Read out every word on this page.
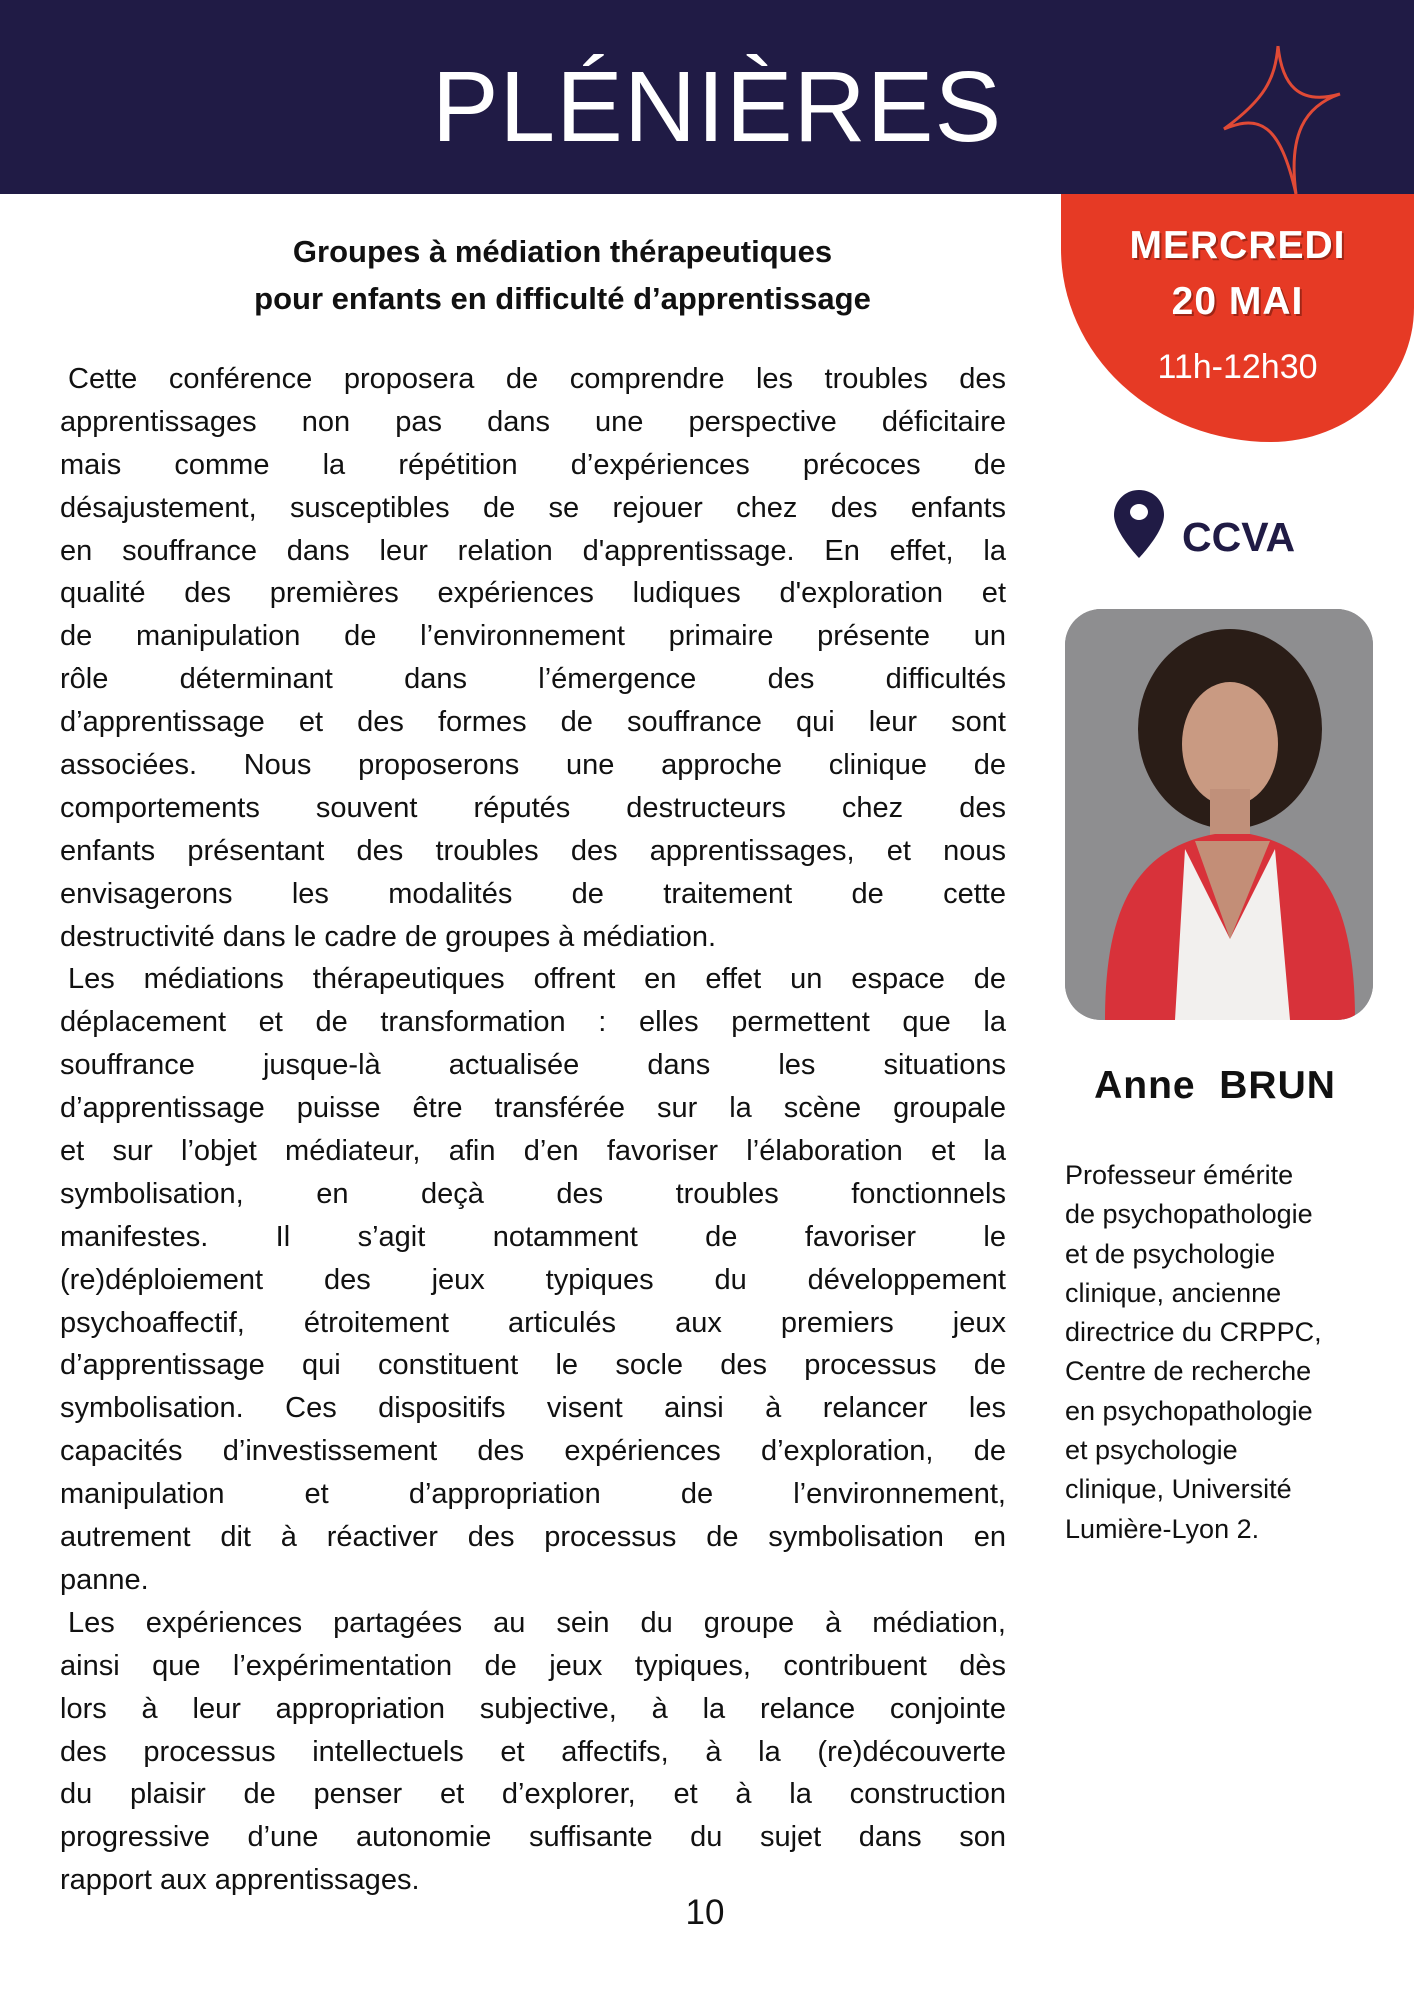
PLÉNIÈRES
MERCREDI
20 MAI
11h-12h30
CCVA
Anne  BRUN
Professeur émérite
de psychopathologie
et de psychologie
clinique, ancienne
directrice du CRPPC,
Centre de recherche
en psychopathologie
et psychologie
clinique, Université
Lumière-Lyon 2.
Groupes à médiation thérapeutiques
pour enfants en difficulté d’apprentissage
Cette conférence proposera de comprendre les troubles des
apprentissages non pas dans une perspective déficitaire
mais comme la répétition d’expériences précoces de
désajustement, susceptibles de se rejouer chez des enfants
en souffrance dans leur relation d'apprentissage. En effet, la
qualité des premières expériences ludiques d'exploration et
de manipulation de l’environnement primaire présente un
rôle déterminant dans l’émergence des difficultés
d’apprentissage et des formes de souffrance qui leur sont
associées. Nous proposerons une approche clinique de
comportements souvent réputés destructeurs chez des
enfants présentant des troubles des apprentissages, et nous
envisagerons les modalités de traitement de cette
destructivité dans le cadre de groupes à médiation.
Les médiations thérapeutiques offrent en effet un espace de
déplacement et de transformation : elles permettent que la
souffrance jusque-là actualisée dans les situations
d’apprentissage puisse être transférée sur la scène groupale
et sur l’objet médiateur, afin d’en favoriser l’élaboration et la
symbolisation, en deçà des troubles fonctionnels
manifestes. Il s’agit notamment de favoriser le
(re)déploiement des jeux typiques du développement
psychoaffectif, étroitement articulés aux premiers jeux
d’apprentissage qui constituent le socle des processus de
symbolisation. Ces dispositifs visent ainsi à relancer les
capacités d’investissement des expériences d’exploration, de
manipulation et d’appropriation de l’environnement,
autrement dit à réactiver des processus de symbolisation en
panne.
Les expériences partagées au sein du groupe à médiation,
ainsi que l’expérimentation de jeux typiques, contribuent dès
lors à leur appropriation subjective, à la relance conjointe
des processus intellectuels et affectifs, à la (re)découverte
du plaisir de penser et d’explorer, et à la construction
progressive d’une autonomie suffisante du sujet dans son
rapport aux apprentissages.
10
